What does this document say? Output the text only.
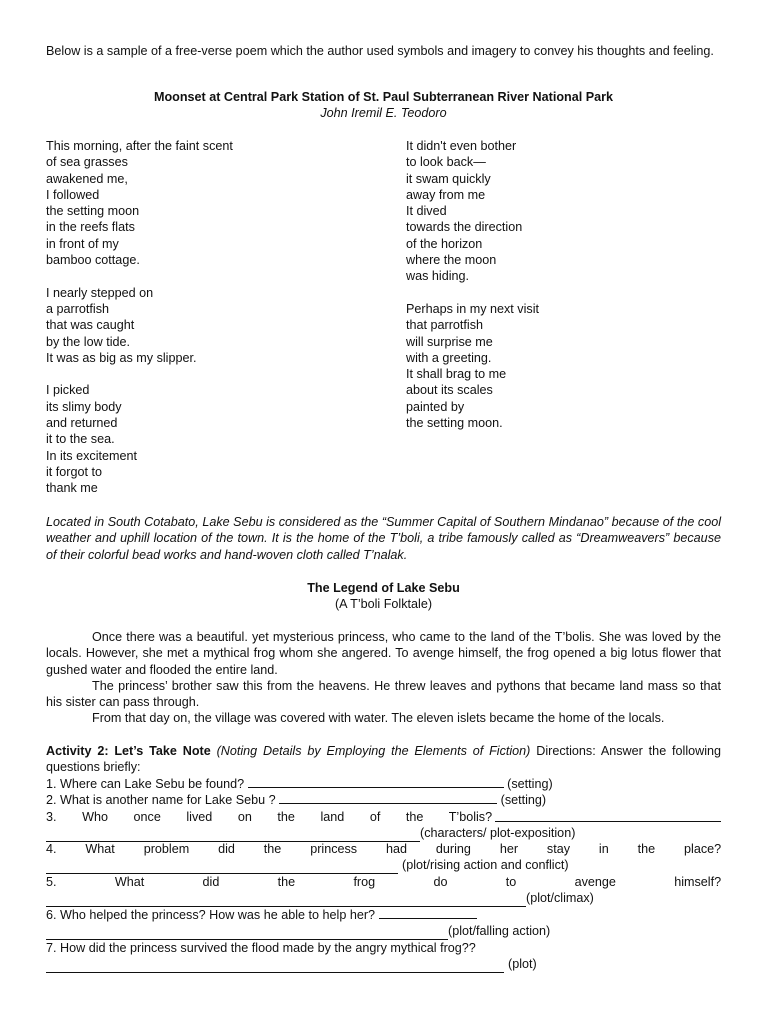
Below is a sample of a free-verse poem which the author used symbols and imagery to convey his thoughts and feeling.
Moonset at Central Park Station of St. Paul Subterranean River National Park
John Iremil E. Teodoro
This morning, after the faint scent
of sea grasses
awakened me,
I followed
the setting moon
in the reefs flats
in front of my
bamboo cottage.
I nearly stepped on
a parrotfish
that was caught
by the low tide.
It was as big as my slipper.
I picked
its slimy body
and returned
it to the sea.
In its excitement
it forgot to
thank me
It didn't even bother
to look back—
it swam quickly
away from me
It dived
towards the direction
of the horizon
where the moon
was hiding.
Perhaps in my next visit
that parrotfish
will surprise me
with a greeting.
It shall brag to me
about its scales
painted by
the setting moon.
Located in South Cotabato, Lake Sebu is considered as the “Summer Capital of Southern Mindanao” because of the cool weather and uphill location of the town. It is the home of the T’boli, a tribe famously called as “Dreamweavers” because of their colorful bead works and hand-woven cloth called T’nalak.
The Legend of Lake Sebu
(A T’boli Folktale)
Once there was a beautiful. yet mysterious princess, who came to the land of the T’bolis. She was loved by the locals. However, she met a mythical frog whom she angered. To avenge himself, the frog opened a big lotus flower that gushed water and flooded the entire land.
The princess’ brother saw this from the heavens. He threw leaves and pythons that became land mass so that his sister can pass through.
From that day on, the village was covered with water. The eleven islets became the home of the locals.
Activity 2: Let’s Take Note (Noting Details by Employing the Elements of Fiction) Directions: Answer the following questions briefly:
1. Where can Lake Sebu be found?	(setting)
2. What is another name for Lake Sebu ?	(setting)
3. Who once lived on the land of the T’bolis?
(characters/ plot-exposition)
4. What problem did the princess had during her stay in the place?
(plot/rising action and conflict)
5.	What	did	the	frog	do	to	avenge	himself?
(plot/climax)
6. Who helped the princess? How was he able to help her?
(plot/falling action)
7. How did the princess survived the flood made by the angry mythical frog??
(plot)
